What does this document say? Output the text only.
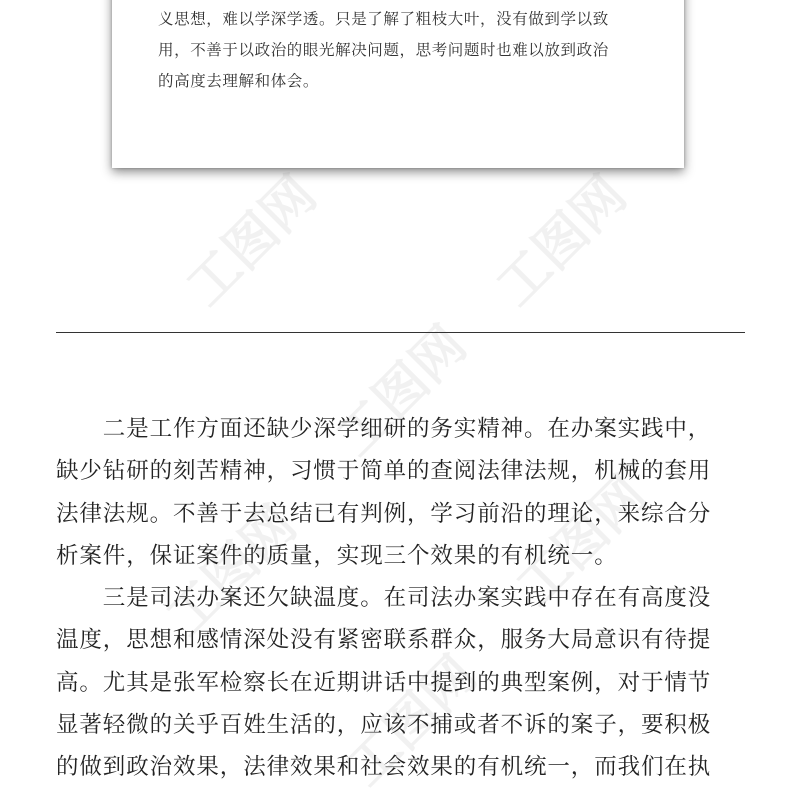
工图网	工图网
工图网
工图网
工图网
工图网
义思想，难以学深学透。只是了解了粗枝大叶，没有做到学以致
用，不善于以政治的眼光解决问题，思考问题时也难以放到政治
的高度去理解和体会。
　　二是工作方面还缺少深学细研的务实精神。在办案实践中，
缺少钻研的刻苦精神，习惯于简单的查阅法律法规，机械的套用
法律法规。不善于去总结已有判例，学习前沿的理论，来综合分
析案件，保证案件的质量，实现三个效果的有机统一。
　　三是司法办案还欠缺温度。在司法办案实践中存在有高度没
温度，思想和感情深处没有紧密联系群众，服务大局意识有待提
高。尤其是张军检察长在近期讲话中提到的典型案例，对于情节
显著轻微的关乎百姓生活的，应该不捕或者不诉的案子，要积极
的做到政治效果，法律效果和社会效果的有机统一，而我们在执
